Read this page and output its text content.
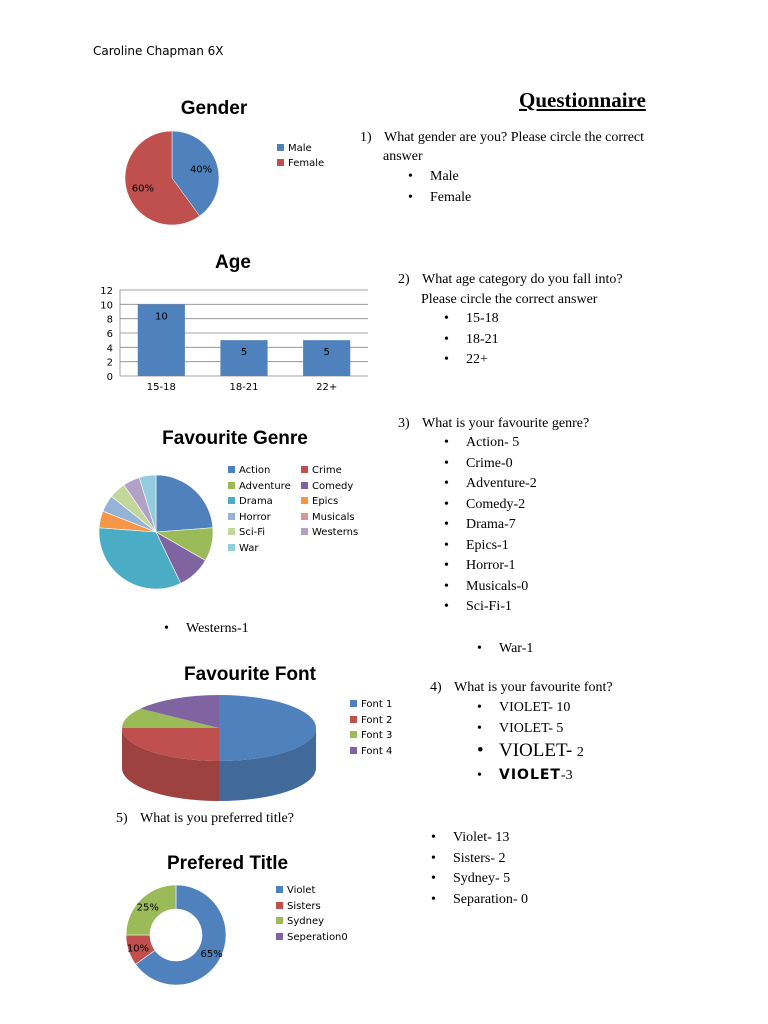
Caroline Chapman 6X
Questionnaire
Gender
40%
60%
Male
Female
1) What gender are you? Please circle the correct
answer
• Male
• Female
Age
0
2
4
6
8
10
12
10
15-18
5
18-21
5
22+
2) What age category do you fall into?
Please circle the correct answer
• 15-18
• 18-21
• 22+
Favourite Genre
Action	Crime
Adventure	Comedy
Drama	Epics
Horror	Musicals
Sci-Fi	Westerns
War
3) What is your favourite genre?
• Action- 5
• Crime-0
• Adventure-2
• Comedy-2
• Drama-7
• Epics-1
• Horror-1
• Musicals-0
• Sci-Fi-1
• Westerns-1
• War-1
Favourite Font
Font 1
Font 2
Font 3
Font 4
4) What is your favourite font?
• VIOLET- 10
• VIOLET- 5
• VIOLET- 2
• VIOLET-3
5) What is you preferred title?
• Violet- 13
• Sisters- 2
• Sydney- 5
• Separation- 0
Prefered Title
65%
10%
25%
Violet
Sisters
Sydney
Seperation0
